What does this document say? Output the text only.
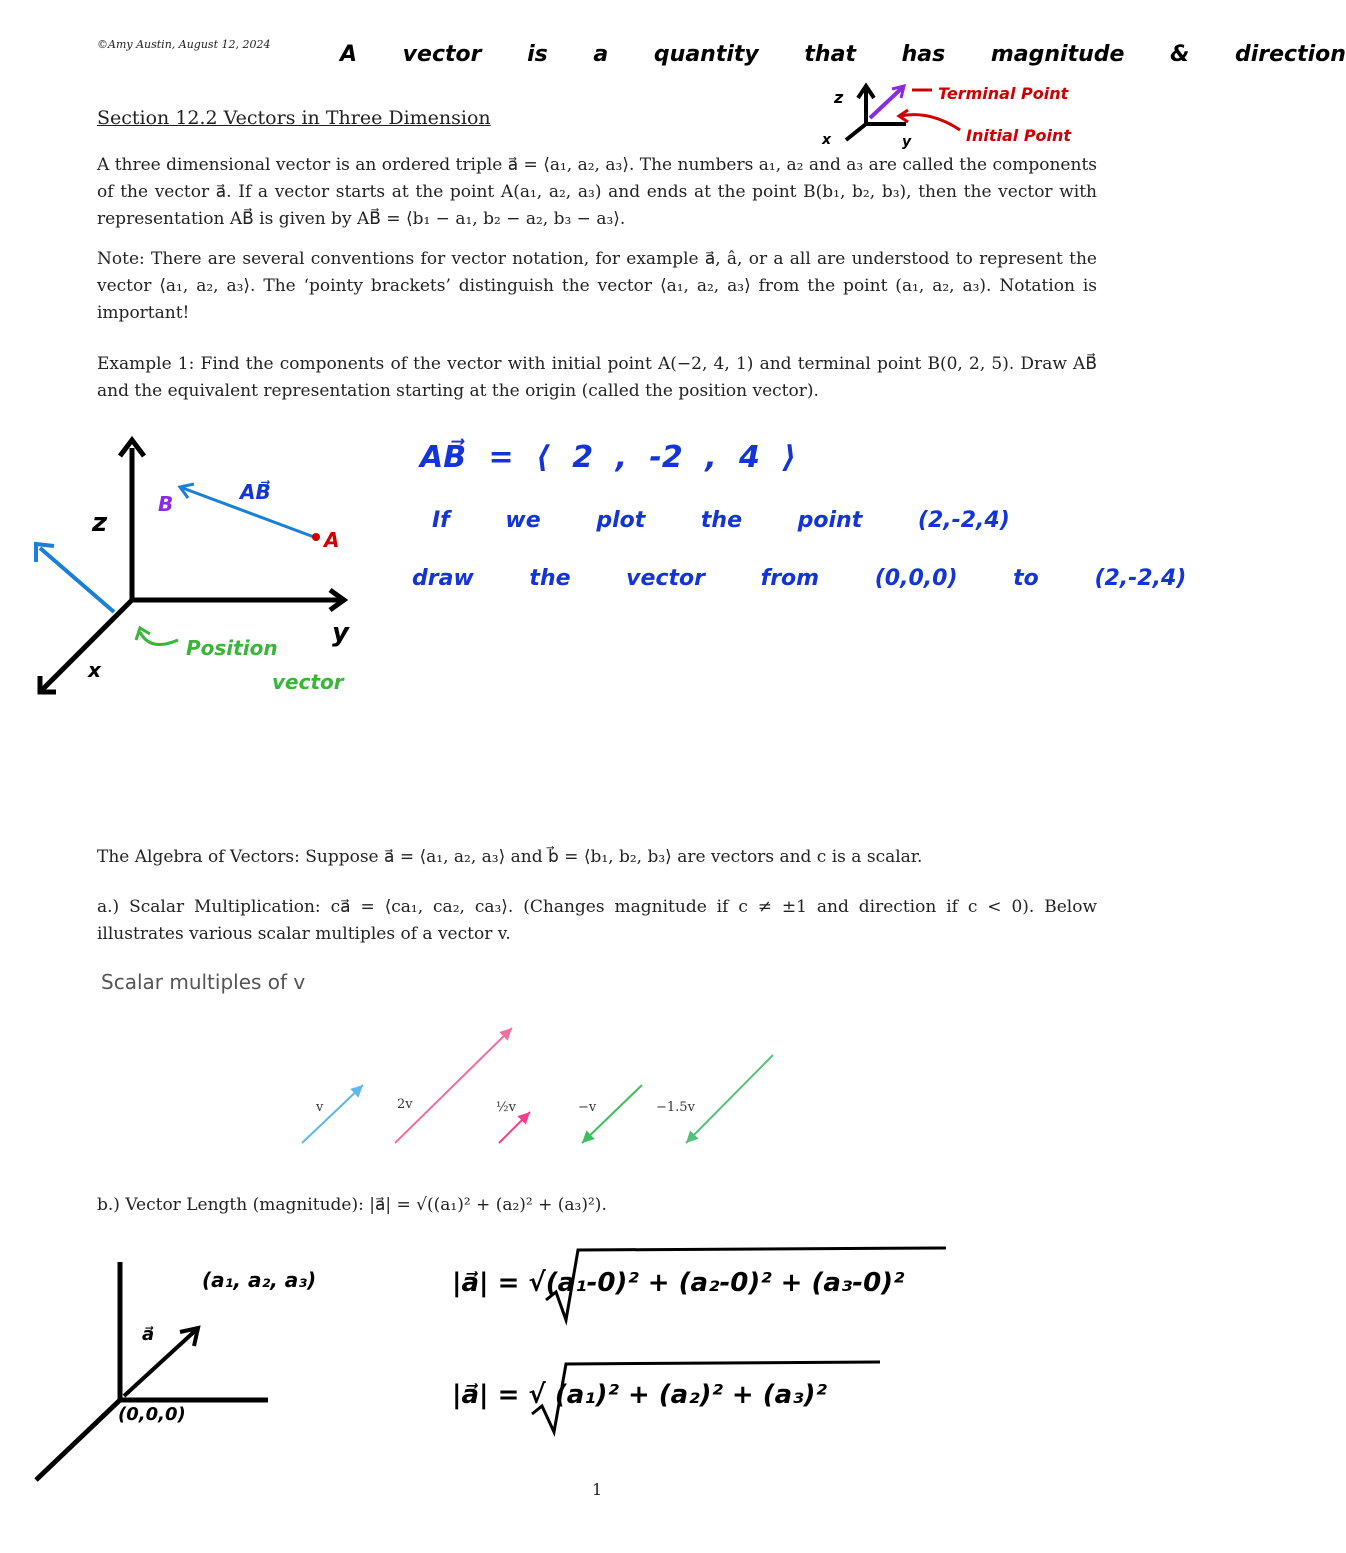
©Amy Austin, August 12, 2024	A vector is a quantity that has magnitude & direction
Section 12.2 Vectors in Three Dimension
z
x	y
Terminal Point
Initial Point
A three dimensional vector is an ordered triple a⃗ = ⟨a₁, a₂, a₃⟩. The numbers a₁, a₂ and a₃ are called the components of the vector a⃗. If a vector starts at the point A(a₁, a₂, a₃) and ends at the point B(b₁, b₂, b₃), then the vector with representation AB⃗ is given by AB⃗ = ⟨b₁ − a₁, b₂ − a₂, b₃ − a₃⟩.
Note: There are several conventions for vector notation, for example a⃗, â, or a all are understood to represent the vector ⟨a₁, a₂, a₃⟩. The ‘pointy brackets’ distinguish the vector ⟨a₁, a₂, a₃⟩ from the point (a₁, a₂, a₃). Notation is important!
Example 1: Find the components of the vector with initial point A(−2, 4, 1) and terminal point B(0, 2, 5). Draw AB⃗ and the equivalent representation starting at the origin (called the position vector).
z
y
x
A
B	AB⃗
Position
vector
AB⃗ = ⟨ 2 , -2 , 4 ⟩
If we plot the point (2,-2,4)
draw the vector from (0,0,0) to (2,-2,4)
The Algebra of Vectors: Suppose a⃗ = ⟨a₁, a₂, a₃⟩ and b⃗ = ⟨b₁, b₂, b₃⟩ are vectors and c is a scalar.
a.) Scalar Multiplication: ca⃗ = ⟨ca₁, ca₂, ca₃⟩. (Changes magnitude if c ≠ ±1 and direction if c < 0). Below illustrates various scalar multiples of a vector v.
Scalar multiples of v
v	2v	½v	−v	−1.5v
b.) Vector Length (magnitude): |a⃗| = √((a₁)² + (a₂)² + (a₃)²).
(a₁, a₂, a₃)
a⃗
(0,0,0)
|a⃗| = √(a₁-0)² + (a₂-0)² + (a₃-0)²
|a⃗| = √ (a₁)² + (a₂)² + (a₃)²
1
